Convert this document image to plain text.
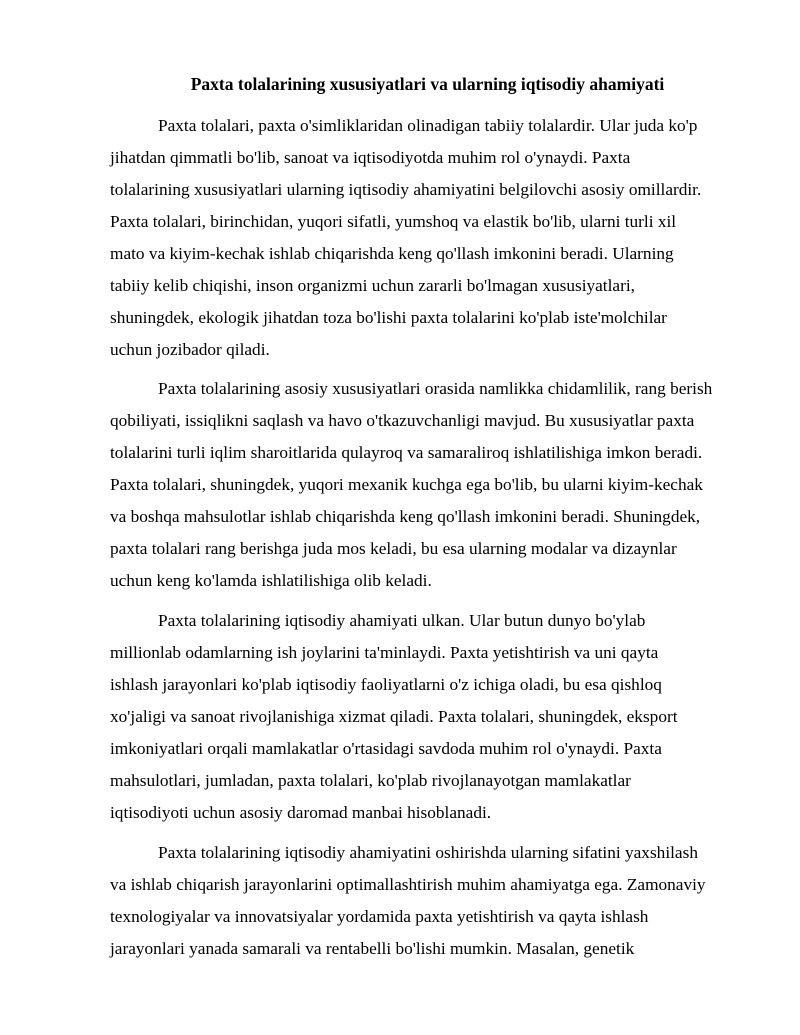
Paxta tolalarining xususiyatlari va ularning iqtisodiy ahamiyati
Paxta tolalari, paxta o'simliklaridan olinadigan tabiiy tolalardir. Ular juda ko'p
jihatdan qimmatli bo'lib, sanoat va iqtisodiyotda muhim rol o'ynaydi. Paxta
tolalarining xususiyatlari ularning iqtisodiy ahamiyatini belgilovchi asosiy omillardir.
Paxta tolalari, birinchidan, yuqori sifatli, yumshoq va elastik bo'lib, ularni turli xil
mato va kiyim-kechak ishlab chiqarishda keng qo'llash imkonini beradi. Ularning
tabiiy kelib chiqishi, inson organizmi uchun zararli bo'lmagan xususiyatlari,
shuningdek, ekologik jihatdan toza bo'lishi paxta tolalarini ko'plab iste'molchilar
uchun jozibador qiladi.
Paxta tolalarining asosiy xususiyatlari orasida namlikka chidamlilik, rang berish
qobiliyati, issiqlikni saqlash va havo o'tkazuvchanligi mavjud. Bu xususiyatlar paxta
tolalarini turli iqlim sharoitlarida qulayroq va samaraliroq ishlatilishiga imkon beradi.
Paxta tolalari, shuningdek, yuqori mexanik kuchga ega bo'lib, bu ularni kiyim-kechak
va boshqa mahsulotlar ishlab chiqarishda keng qo'llash imkonini beradi. Shuningdek,
paxta tolalari rang berishga juda mos keladi, bu esa ularning modalar va dizaynlar
uchun keng ko'lamda ishlatilishiga olib keladi.
Paxta tolalarining iqtisodiy ahamiyati ulkan. Ular butun dunyo bo'ylab
millionlab odamlarning ish joylarini ta'minlaydi. Paxta yetishtirish va uni qayta
ishlash jarayonlari ko'plab iqtisodiy faoliyatlarni o'z ichiga oladi, bu esa qishloq
xo'jaligi va sanoat rivojlanishiga xizmat qiladi. Paxta tolalari, shuningdek, eksport
imkoniyatlari orqali mamlakatlar o'rtasidagi savdoda muhim rol o'ynaydi. Paxta
mahsulotlari, jumladan, paxta tolalari, ko'plab rivojlanayotgan mamlakatlar
iqtisodiyoti uchun asosiy daromad manbai hisoblanadi.
Paxta tolalarining iqtisodiy ahamiyatini oshirishda ularning sifatini yaxshilash
va ishlab chiqarish jarayonlarini optimallashtirish muhim ahamiyatga ega. Zamonaviy
texnologiyalar va innovatsiyalar yordamida paxta yetishtirish va qayta ishlash
jarayonlari yanada samarali va rentabelli bo'lishi mumkin. Masalan, genetik
